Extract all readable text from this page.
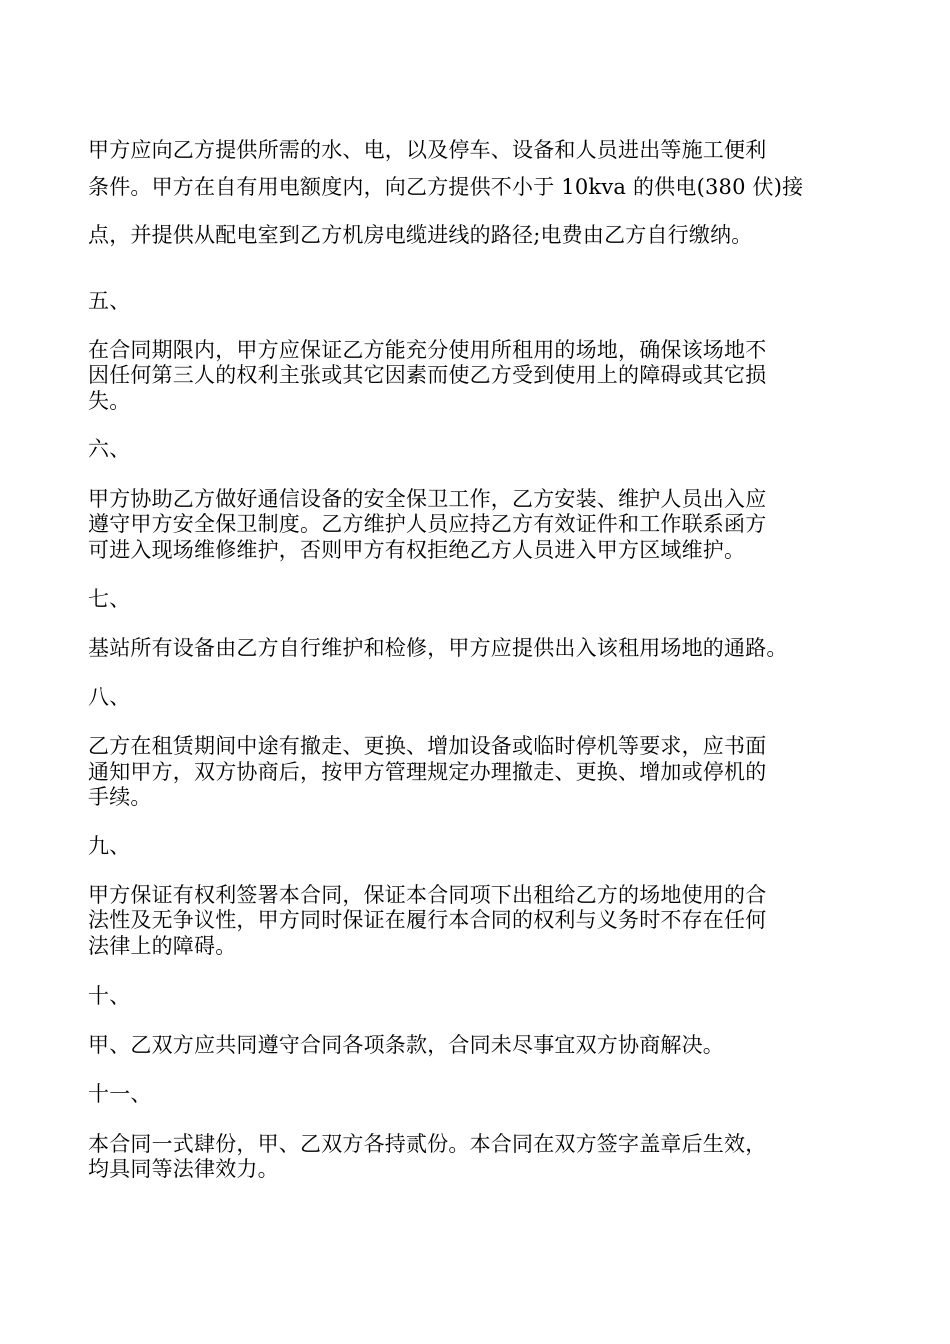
甲方应向乙方提供所需的水、电，以及停车、设备和人员进出等施工便利
条件。甲方在自有用电额度内，向乙方提供不小于 10kva 的供电(380 伏)接
点，并提供从配电室到乙方机房电缆进线的路径;电费由乙方自行缴纳。
五、
在合同期限内，甲方应保证乙方能充分使用所租用的场地，确保该场地不
因任何第三人的权利主张或其它因素而使乙方受到使用上的障碍或其它损
失。
六、
甲方协助乙方做好通信设备的安全保卫工作，乙方安装、维护人员出入应
遵守甲方安全保卫制度。乙方维护人员应持乙方有效证件和工作联系函方
可进入现场维修维护，否则甲方有权拒绝乙方人员进入甲方区域维护。
七、
基站所有设备由乙方自行维护和检修，甲方应提供出入该租用场地的通路。
八、
乙方在租赁期间中途有撤走、更换、增加设备或临时停机等要求，应书面
通知甲方，双方协商后，按甲方管理规定办理撤走、更换、增加或停机的
手续。
九、
甲方保证有权利签署本合同，保证本合同项下出租给乙方的场地使用的合
法性及无争议性，甲方同时保证在履行本合同的权利与义务时不存在任何
法律上的障碍。
十、
甲、乙双方应共同遵守合同各项条款，合同未尽事宜双方协商解决。
十一、
本合同一式肆份，甲、乙双方各持贰份。本合同在双方签字盖章后生效，
均具同等法律效力。
